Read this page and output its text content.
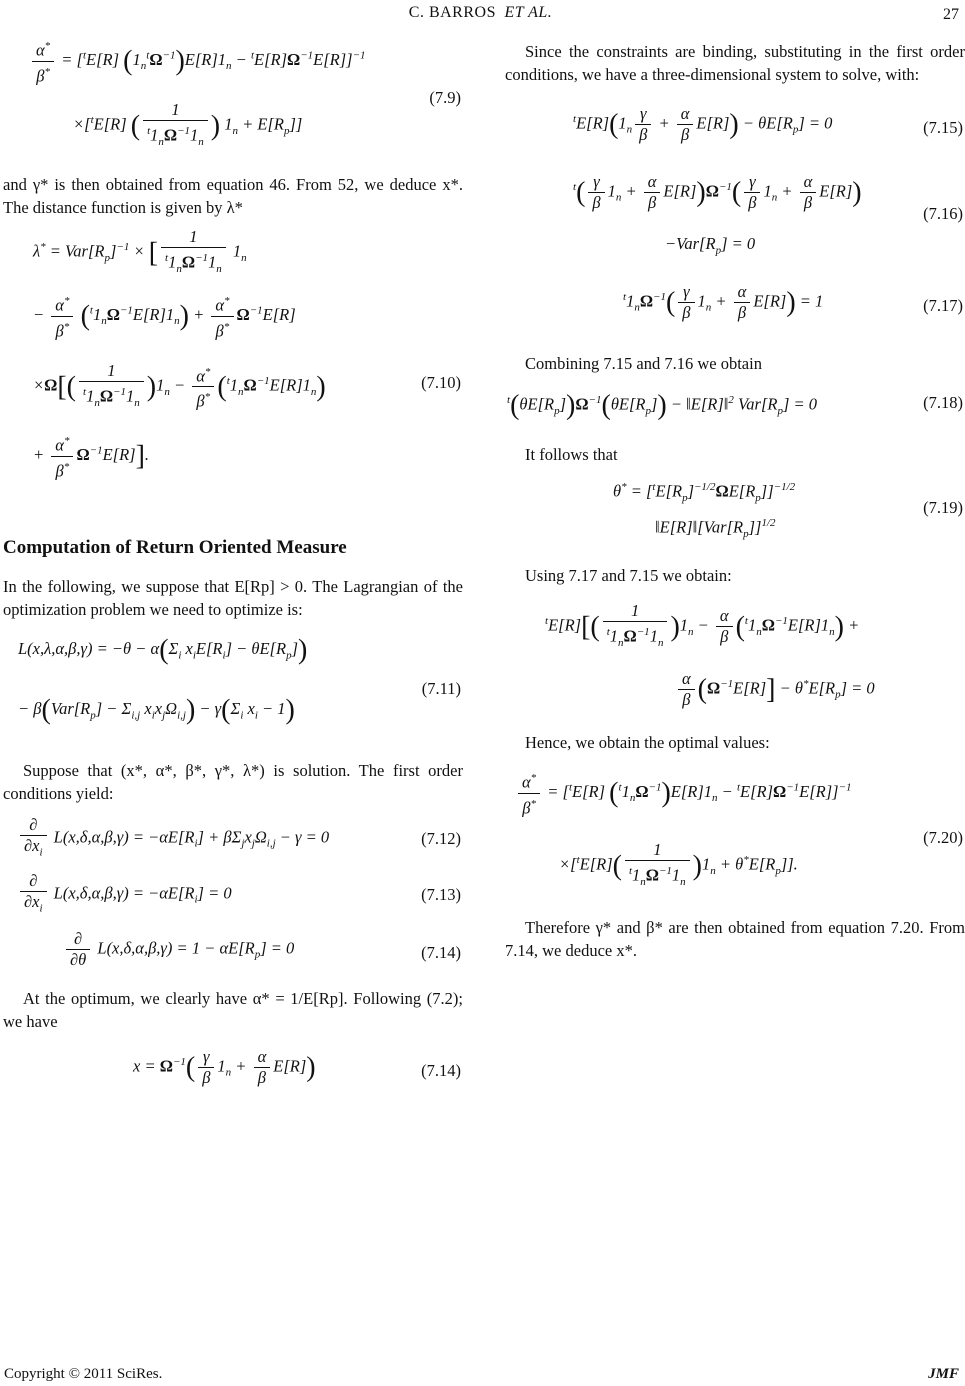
C. BARROS ET AL.	27
$\frac{\alpha^*}{\beta^*} = [^tE[R] (1_n^t\Omega^{-1})E[R]1_n - ^tE[R]\Omega^{-1}E[R]]^{-1}$
×[$^t$E[R] ( $\frac{1}{^t1_n\Omega^{-1}1_n}$ ) $1_n + E[R_p]$]
(7.9)

and γ* is then obtained from equation 46. From 52, we deduce x*. The distance function is given by λ*

$\lambda^* = Var[R_p]^{-1}$ × [ $\frac{1}{^t1_n\Omega^{-1}1_n} 1_n$
− $\frac{\alpha^*}{\beta^*} (^t1_n\Omega^{-1}E[R]1_n) + \frac{\alpha^*}{\beta^*} \Omega^{-1}E[R]$
$\times\Omega[( \frac{1}{^t1_n\Omega^{-1}1_n} )1_n - \frac{\alpha^*}{\beta^*} (^t1_n\Omega^{-1}E[R]1_n)$
+ $\frac{\alpha^*}{\beta^*} \Omega^{-1}E[R]$].
(7.10)

Computation of Return Oriented Measure

In the following, we suppose that E[Rp] > 0. The Lagrangian of the optimization problem we need to optimize is:

$L(x,\lambda,\alpha,\beta,\gamma) = -\theta - \alpha(\Sigma_i$ $x_iE[R_i] - \theta E[R_p]$)
− $\beta(Var[R_p] - \Sigma_{i,j}$ $x_ix_j\Omega_{i,j}) - \gamma(\Sigma_i$ $x_i - 1$)
(7.11)

Suppose that (x*, α*, β*, γ*, λ*) is solution. The first order conditions yield:

$\frac{\partial}{\partial x_i} L(x,\delta,\alpha,\beta,\gamma) = -\alpha E[R_i] + \beta\Sigma_jx_j\Omega_{i,j} - \gamma = 0$	(7.12)
$\frac{\partial}{\partial x_i} L(x,\delta,\alpha,\beta,\gamma) = -\alpha E[R_i] = 0$	(7.13)
$\frac{\partial}{\partial\theta} L(x,\delta,\alpha,\beta,\gamma) = 1 - \alpha E[R_p] = 0$	(7.14)

At the optimum, we clearly have α* = 1/E[Rp]. Following (7.2); we have

$x = \Omega^{-1}( \frac{\gamma}{\beta} 1_n + \frac{\alpha}{\beta} E[R])$	(7.14)

Since the constraints are binding, substituting in the first order conditions, we have a three-dimensional system to solve, with:

$^tE[R](1_n \frac{\gamma}{\beta} + \frac{\alpha}{\beta} E[R]) - \theta E[R_p] = 0$	(7.15)
$^t( \frac{\gamma}{\beta} 1_n + \frac{\alpha}{\beta} E[R])\Omega^{-1}( \frac{\gamma}{\beta} 1_n + \frac{\alpha}{\beta} E[R])$
$-Var[R_p] = 0$
(7.16)
$^t1_n\Omega^{-1}( \frac{\gamma}{\beta} 1_n + \frac{\alpha}{\beta} E[R]) = 1$	(7.17)

Combining 7.15 and 7.16 we obtain

$^t(\theta E[R_p])\Omega^{-1}(\theta E[R_p])$ − ‖E[R]‖$^2$ $Var[R_p] = 0$	(7.18)

It follows that

$\theta^* = [^tE[R_p]^{-1/2}\Omega E[R_p]]^{-1/2}$
$‖E[R]‖[Var[R_p]]^{1/2}$
(7.19)

Using 7.17 and 7.15 we obtain:

$^tE[R][( \frac{1}{^t1_n\Omega^{-1}1_n} )1_n - \frac{\alpha}{\beta} (^t1_n\Omega^{-1}E[R]1_n)$ +
$\frac{\alpha}{\beta} (\Omega^{-1}E[R]] - \theta^*E[R_p] = 0$

Hence, we obtain the optimal values:

$\frac{\alpha^*}{\beta^*} = [^tE[R] (^t1_n\Omega^{-1})E[R]1_n - ^tE[R]\Omega^{-1}E[R]]^{-1}$
$\times[^tE[R]( \frac{1}{^t1_n\Omega^{-1}1_n} )1_n + \theta^*E[R_p]]$.
(7.20)

Therefore γ* and β* are then obtained from equation 7.20. From 7.14, we deduce x*.

Copyright © 2011 SciRes.	JMF
